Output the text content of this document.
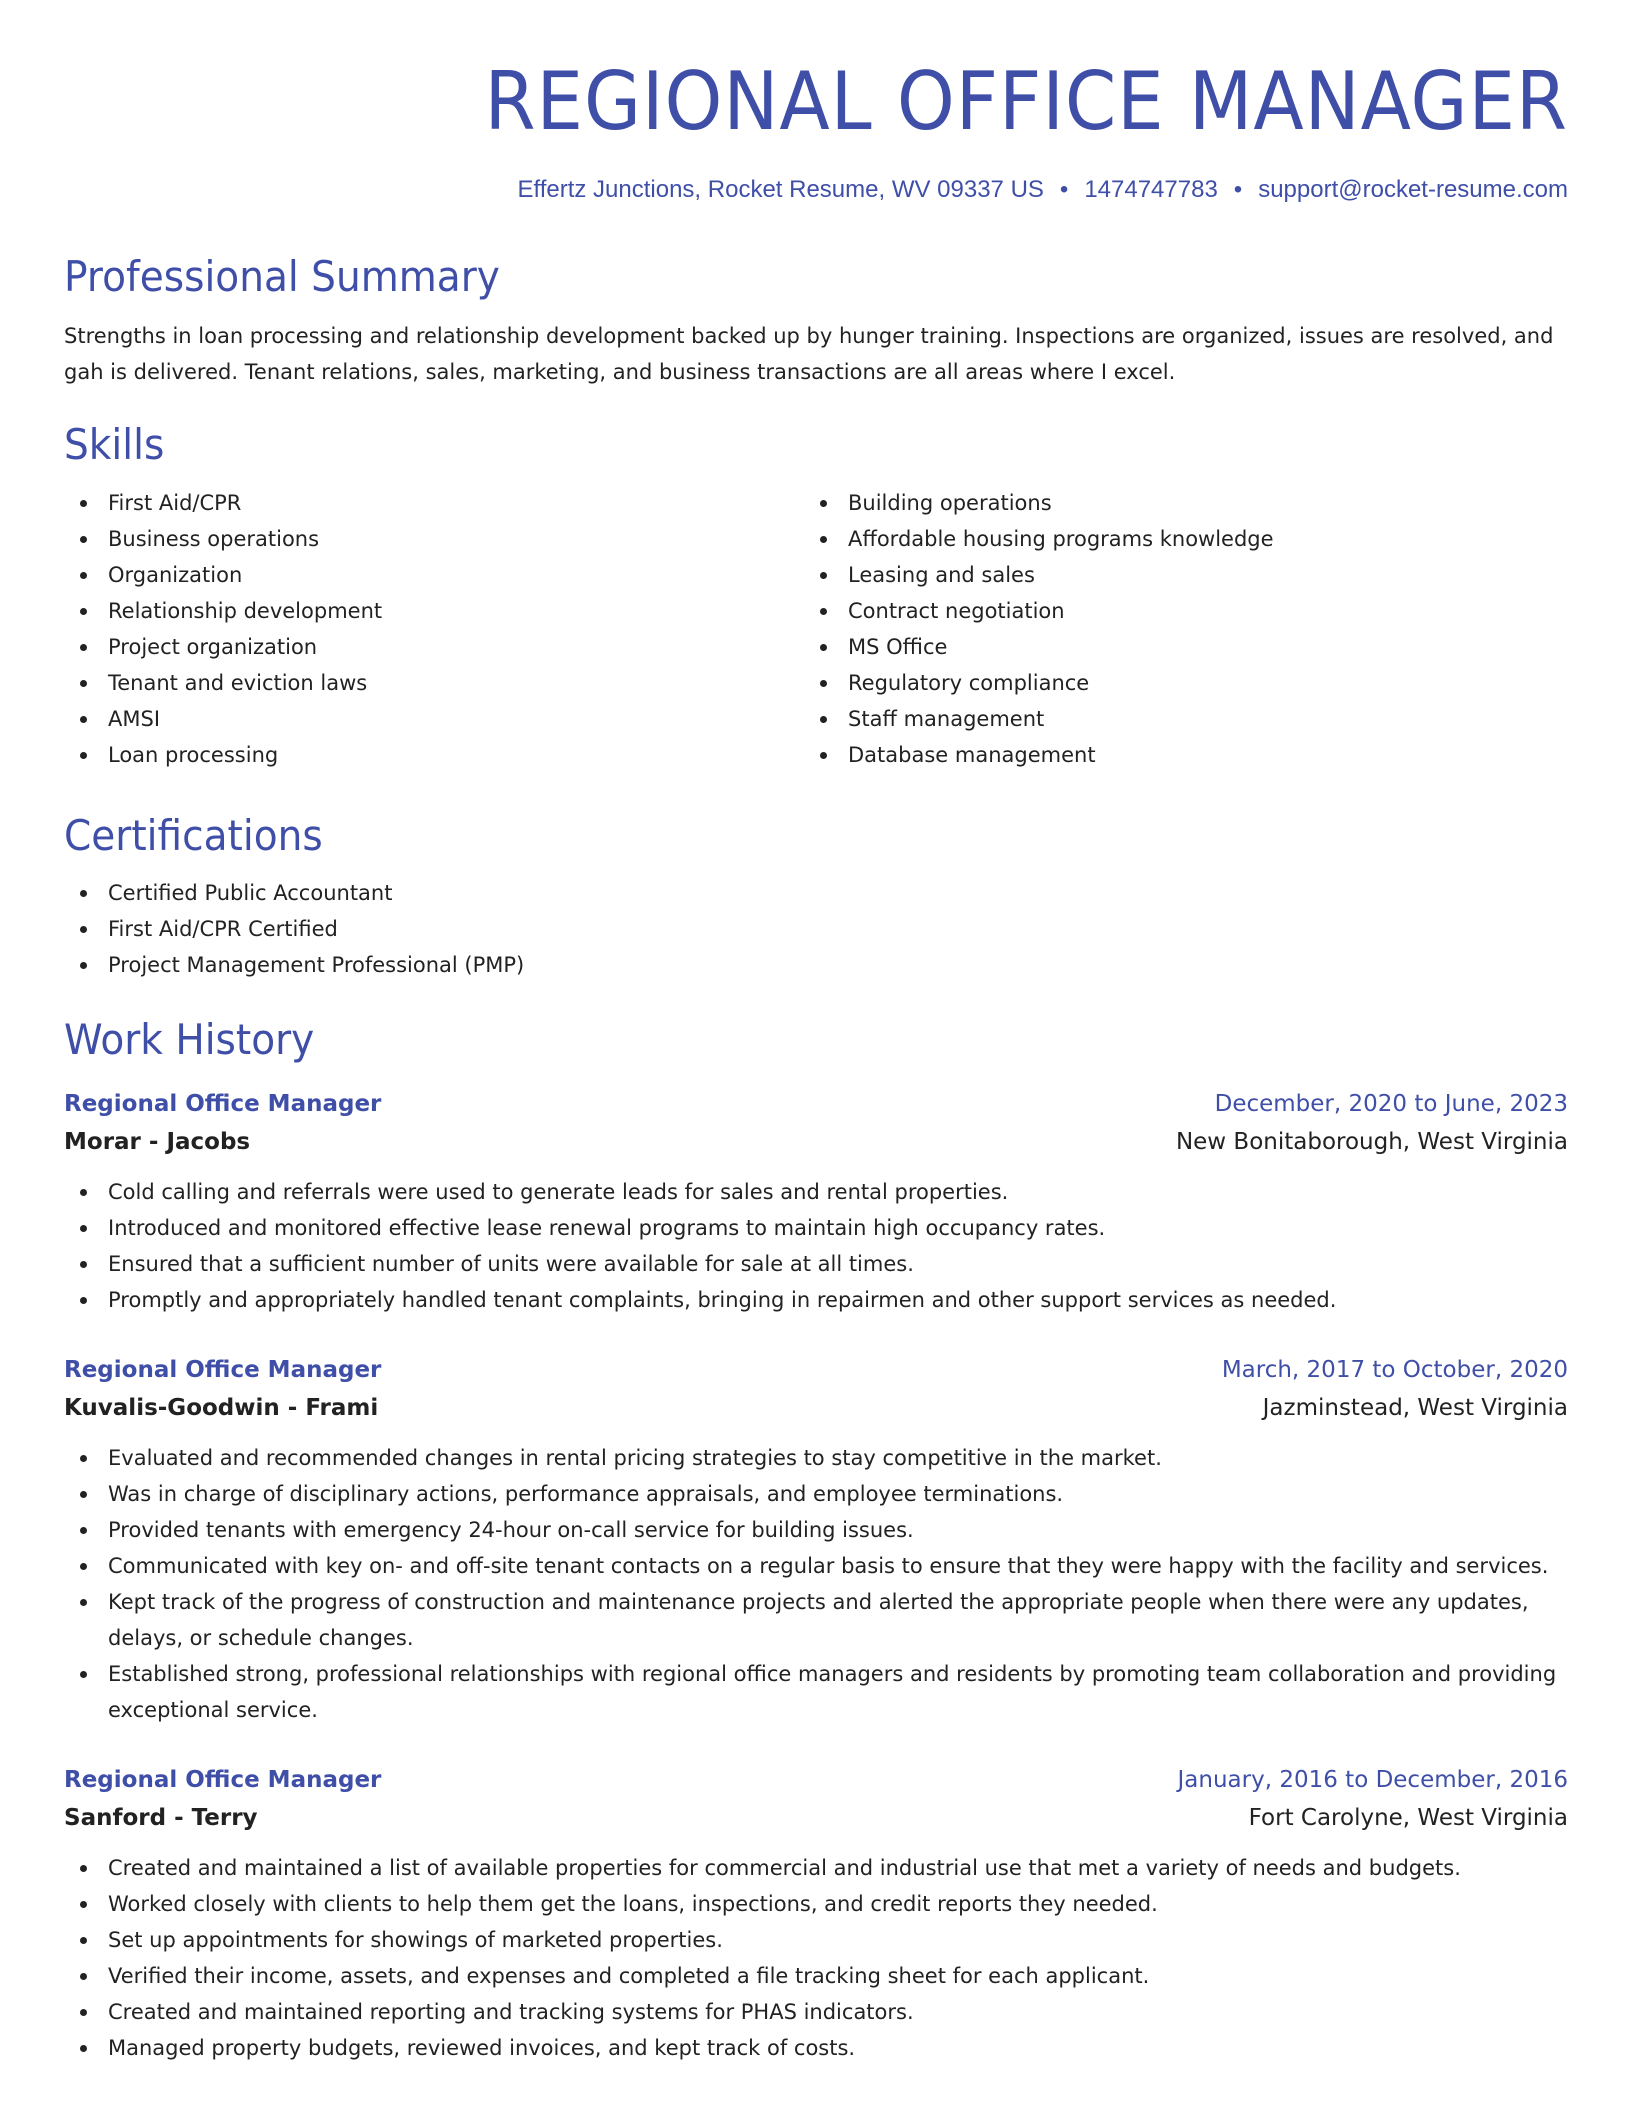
REGIONAL OFFICE MANAGER
Effertz Junctions, Rocket Resume, WV 09337 US • 1474747783 • support@rocket-resume.com
Professional Summary

Strengths in loan processing and relationship development backed up by hunger training. Inspections are organized, issues are resolved, and gah is delivered. Tenant relations, sales, marketing, and business transactions are all areas where I excel.

Skills
First Aid/CPR
Business operations
Organization
Relationship development
Project organization
Tenant and eviction laws
AMSI
Loan processing
Building operations
Affordable housing programs knowledge
Leasing and sales
Contract negotiation
MS Office
Regulatory compliance
Staff management
Database management
Certifications
Certified Public Accountant
First Aid/CPR Certified
Project Management Professional (PMP)
Work History
Regional Office Manager	December, 2020 to June, 2023
Morar - Jacobs	New Bonitaborough, West Virginia
Cold calling and referrals were used to generate leads for sales and rental properties.
Introduced and monitored effective lease renewal programs to maintain high occupancy rates.
Ensured that a sufficient number of units were available for sale at all times.
Promptly and appropriately handled tenant complaints, bringing in repairmen and other support services as needed.
Regional Office Manager	March, 2017 to October, 2020
Kuvalis-Goodwin - Frami	Jazminstead, West Virginia
Evaluated and recommended changes in rental pricing strategies to stay competitive in the market.
Was in charge of disciplinary actions, performance appraisals, and employee terminations.
Provided tenants with emergency 24-hour on-call service for building issues.
Communicated with key on- and off-site tenant contacts on a regular basis to ensure that they were happy with the facility and services.
Kept track of the progress of construction and maintenance projects and alerted the appropriate people when there were any updates, delays, or schedule changes.
Established strong, professional relationships with regional office managers and residents by promoting team collaboration and providing exceptional service.
Regional Office Manager	January, 2016 to December, 2016
Sanford - Terry	Fort Carolyne, West Virginia
Created and maintained a list of available properties for commercial and industrial use that met a variety of needs and budgets.
Worked closely with clients to help them get the loans, inspections, and credit reports they needed.
Set up appointments for showings of marketed properties.
Verified their income, assets, and expenses and completed a file tracking sheet for each applicant.
Created and maintained reporting and tracking systems for PHAS indicators.
Managed property budgets, reviewed invoices, and kept track of costs.
